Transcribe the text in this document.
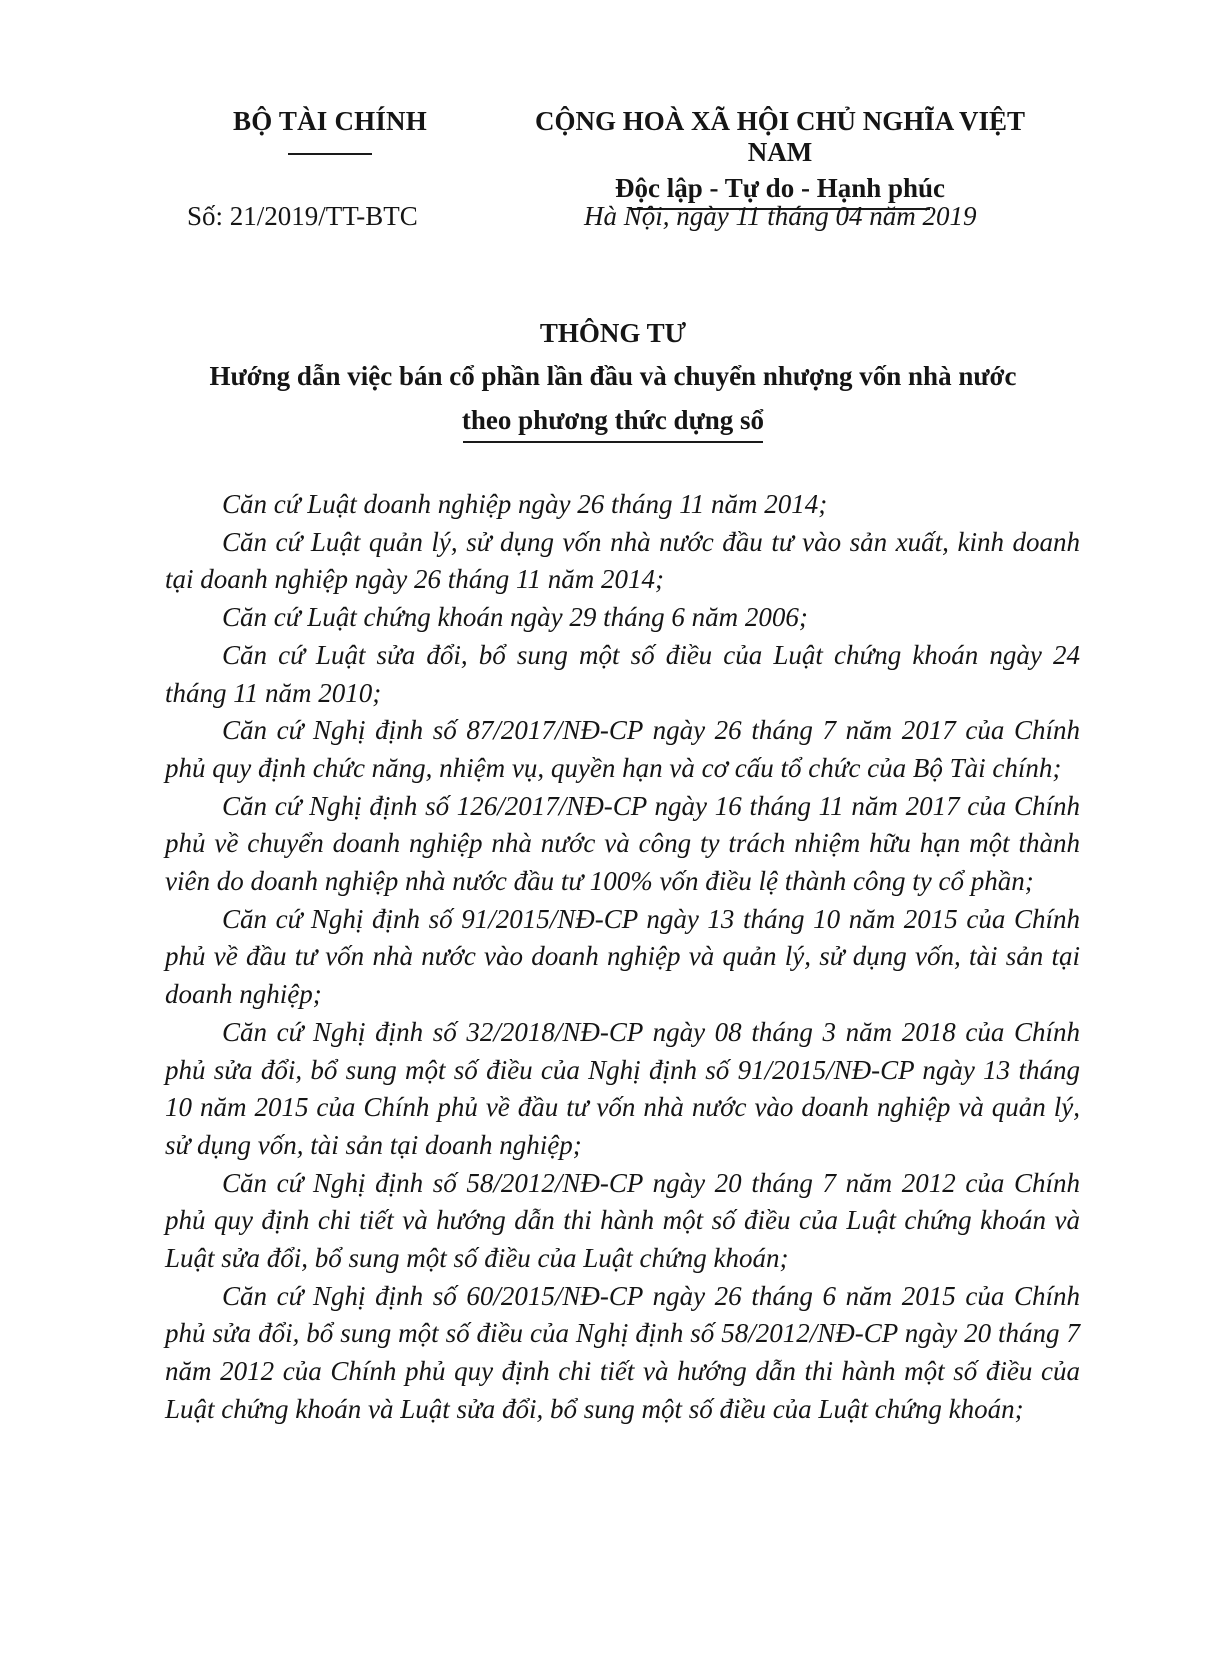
BỘ TÀI CHÍNH	CỘNG HOÀ XÃ HỘI CHỦ NGHĨA VIỆT NAM
Độc lập - Tự do - Hạnh phúc
Số: 21/2019/TT-BTC	Hà Nội, ngày 11 tháng 04 năm 2019
THÔNG TƯ
Hướng dẫn việc bán cổ phần lần đầu và chuyển nhượng vốn nhà nước
theo phương thức dựng sổ

Căn cứ Luật doanh nghiệp ngày 26 tháng 11 năm 2014;

Căn cứ Luật quản lý, sử dụng vốn nhà nước đầu tư vào sản xuất, kinh doanh tại doanh nghiệp ngày 26 tháng 11 năm 2014;

Căn cứ Luật chứng khoán ngày 29 tháng 6 năm 2006;

Căn cứ Luật sửa đổi, bổ sung một số điều của Luật chứng khoán ngày 24 tháng 11 năm 2010;

Căn cứ Nghị định số 87/2017/NĐ-CP ngày 26 tháng 7 năm 2017 của Chính phủ quy định chức năng, nhiệm vụ, quyền hạn và cơ cấu tổ chức của Bộ Tài chính;

Căn cứ Nghị định số 126/2017/NĐ-CP ngày 16 tháng 11 năm 2017 của Chính phủ về chuyển doanh nghiệp nhà nước và công ty trách nhiệm hữu hạn một thành viên do doanh nghiệp nhà nước đầu tư 100% vốn điều lệ thành công ty cổ phần;

Căn cứ Nghị định số 91/2015/NĐ-CP ngày 13 tháng 10 năm 2015 của Chính phủ về đầu tư vốn nhà nước vào doanh nghiệp và quản lý, sử dụng vốn, tài sản tại doanh nghiệp;

Căn cứ Nghị định số 32/2018/NĐ-CP ngày 08 tháng 3 năm 2018 của Chính phủ sửa đổi, bổ sung một số điều của Nghị định số 91/2015/NĐ-CP ngày 13 tháng 10 năm 2015 của Chính phủ về đầu tư vốn nhà nước vào doanh nghiệp và quản lý, sử dụng vốn, tài sản tại doanh nghiệp;

Căn cứ Nghị định số 58/2012/NĐ-CP ngày 20 tháng 7 năm 2012 của Chính phủ quy định chi tiết và hướng dẫn thi hành một số điều của Luật chứng khoán và Luật sửa đổi, bổ sung một số điều của Luật chứng khoán;

Căn cứ Nghị định số 60/2015/NĐ-CP ngày 26 tháng 6 năm 2015 của Chính phủ sửa đổi, bổ sung một số điều của Nghị định số 58/2012/NĐ-CP ngày 20 tháng 7 năm 2012 của Chính phủ quy định chi tiết và hướng dẫn thi hành một số điều của Luật chứng khoán và Luật sửa đổi, bổ sung một số điều của Luật chứng khoán;
